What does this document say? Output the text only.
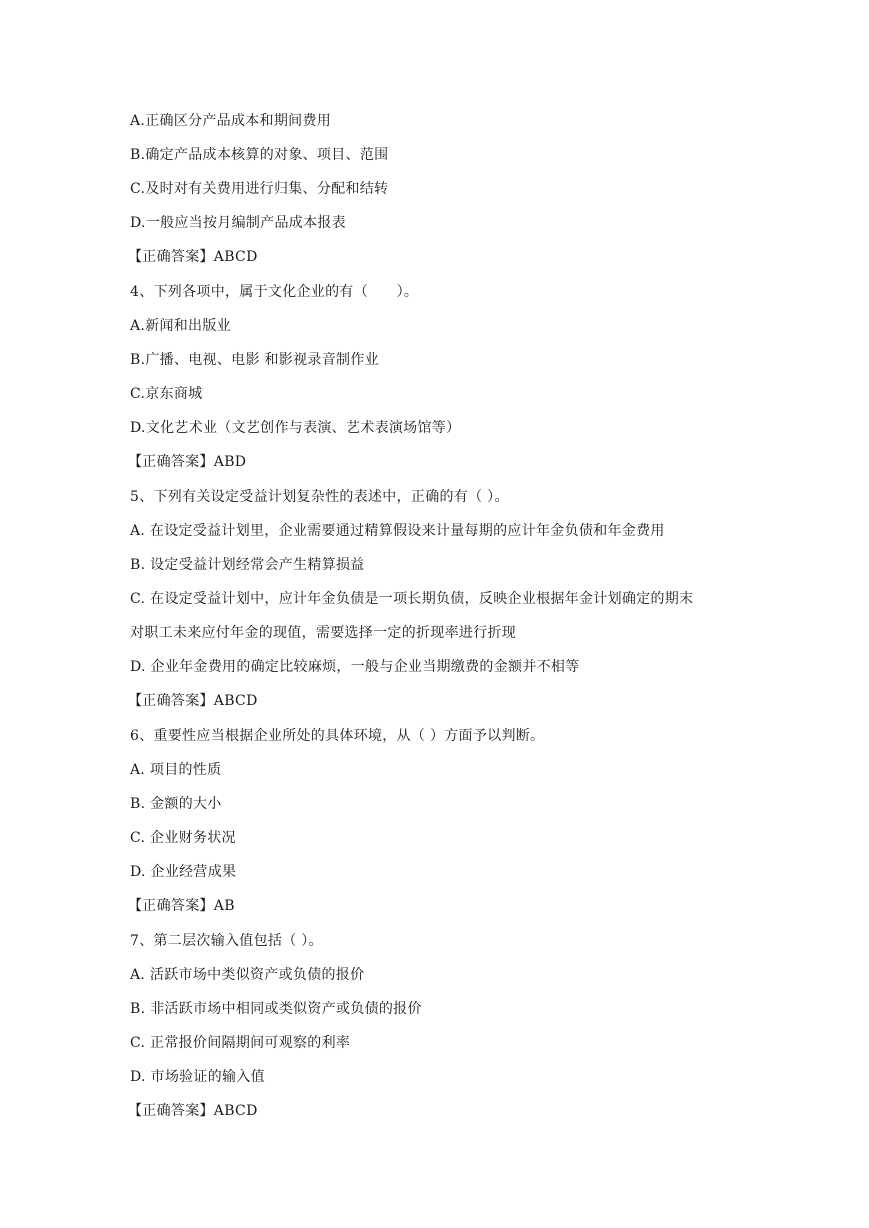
A.正确区分产品成本和期间费用
B.确定产品成本核算的对象、项目、范围
C.及时对有关费用进行归集、分配和结转
D.一般应当按月编制产品成本报表
【正确答案】ABCD
4、下列各项中，属于文化企业的有（　　）。
A.新闻和出版业
B.广播、电视、电影 和影视录音制作业
C.京东商城
D.文化艺术业（文艺创作与表演、艺术表演场馆等）
【正确答案】ABD
5、下列有关设定受益计划复杂性的表述中，正确的有（ ）。
A. 在设定受益计划里，企业需要通过精算假设来计量每期的应计年金负债和年金费用
B. 设定受益计划经常会产生精算损益
C. 在设定受益计划中，应计年金负债是一项长期负债，反映企业根据年金计划确定的期末
对职工未来应付年金的现值，需要选择一定的折现率进行折现
D. 企业年金费用的确定比较麻烦，一般与企业当期缴费的金额并不相等
【正确答案】ABCD
6、重要性应当根据企业所处的具体环境，从（ ）方面予以判断。
A. 项目的性质
B. 金额的大小
C. 企业财务状况
D. 企业经营成果
【正确答案】AB
7、第二层次输入值包括（ ）。
A. 活跃市场中类似资产或负债的报价
B. 非活跃市场中相同或类似资产或负债的报价
C. 正常报价间隔期间可观察的利率
D. 市场验证的输入值
【正确答案】ABCD
